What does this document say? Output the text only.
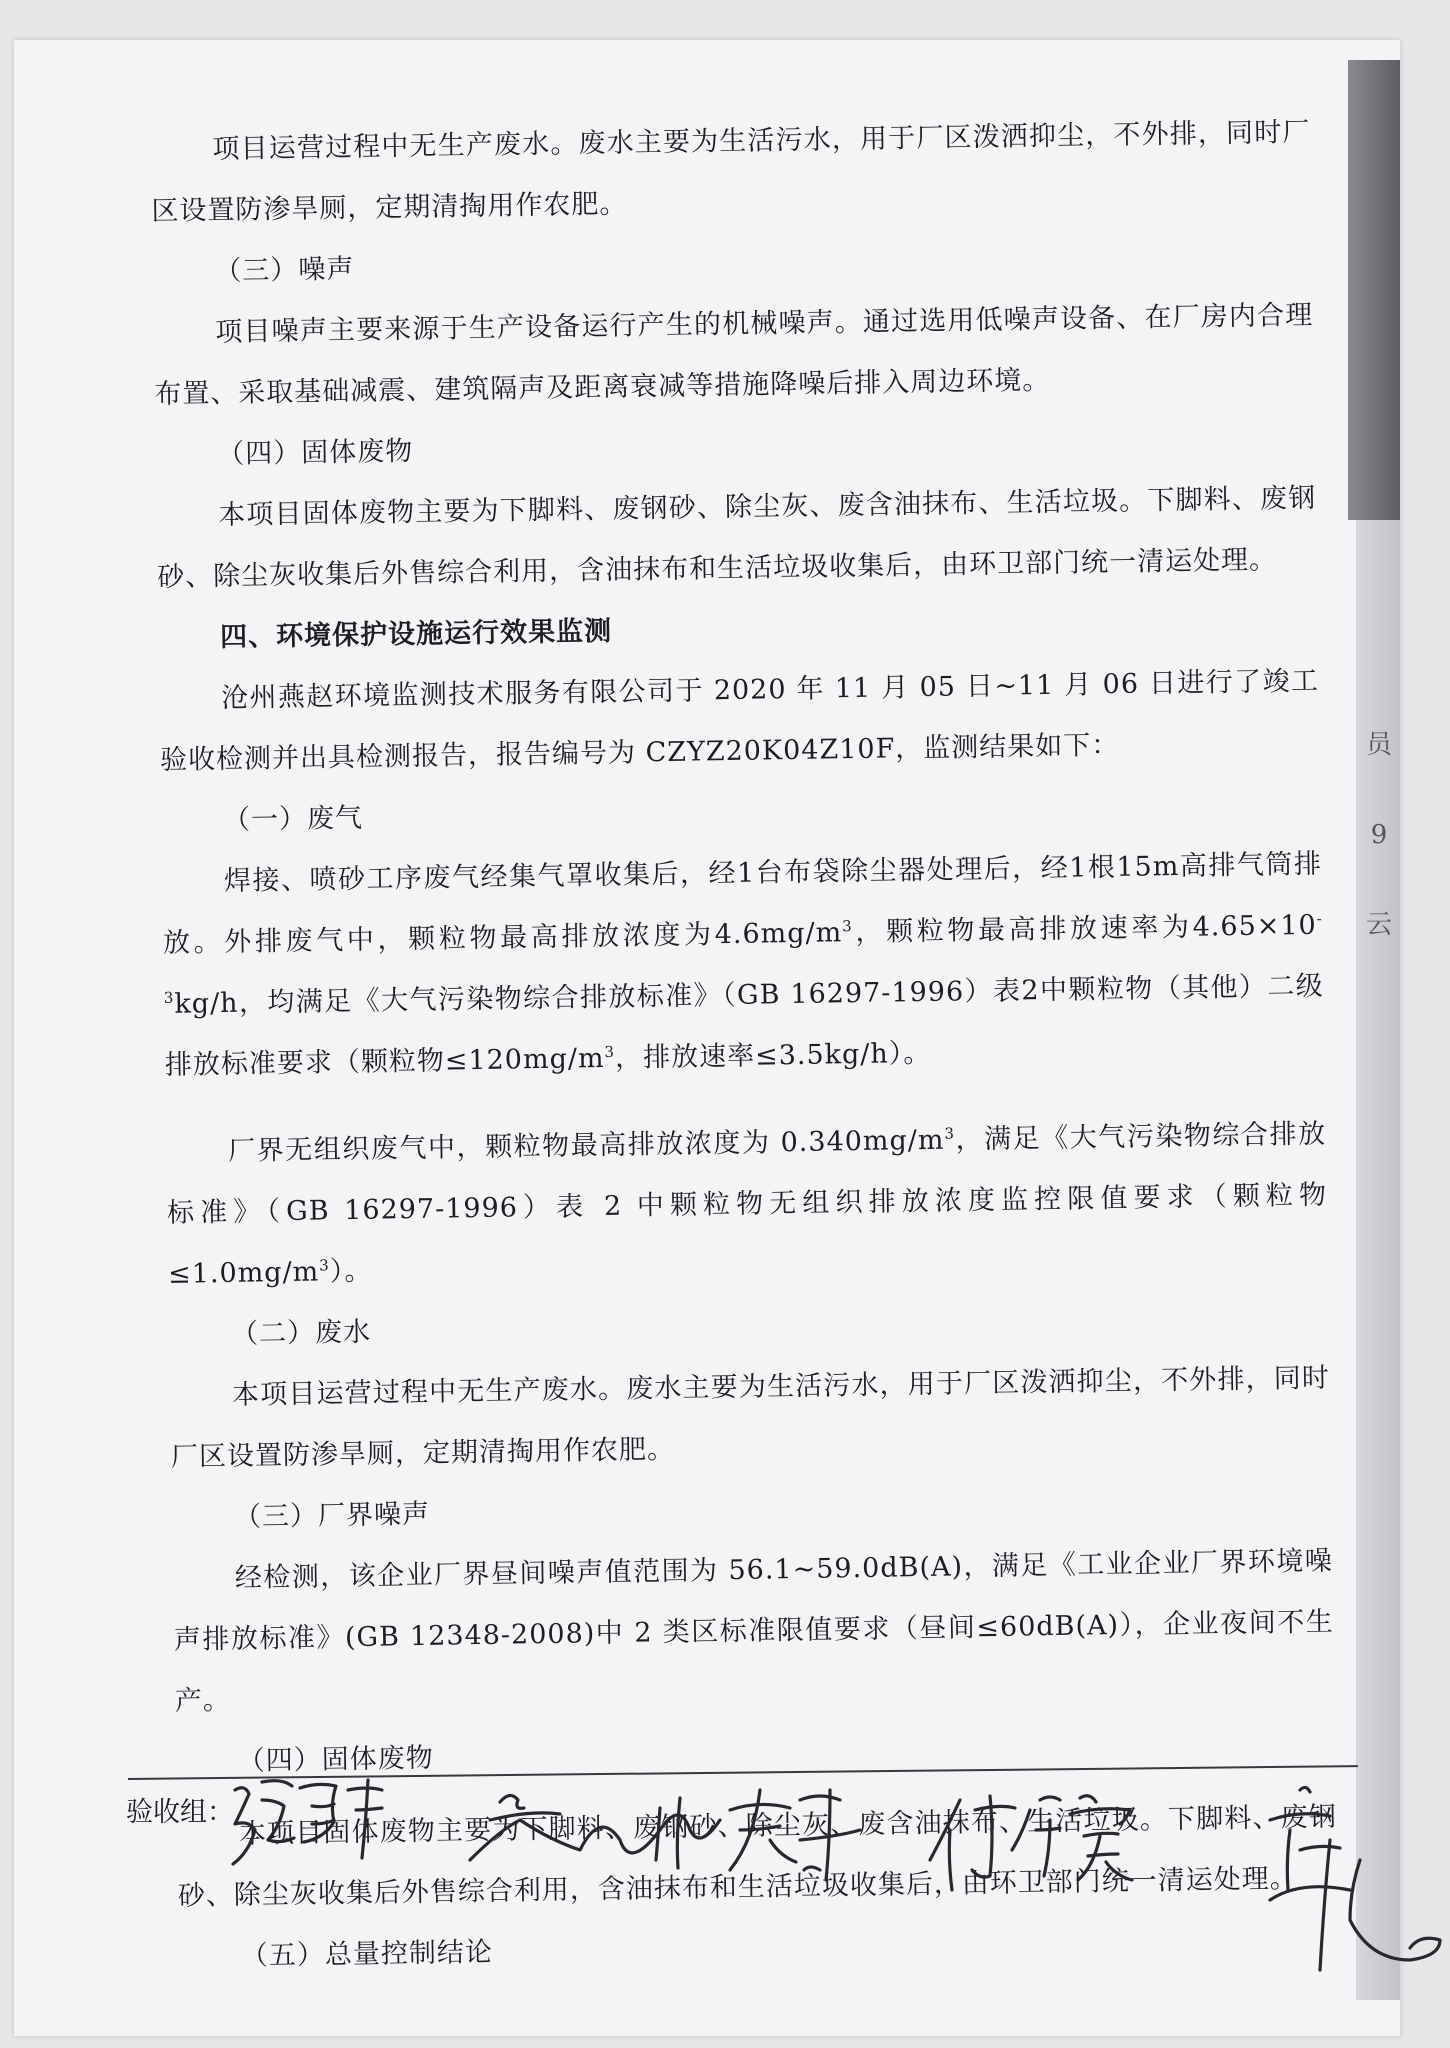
员
9
云

项目运营过程中无生产废水。废水主要为生活污水，用于厂区泼洒抑尘，不外排，同时厂区设置防渗旱厕，定期清掏用作农肥。

（三）噪声

项目噪声主要来源于生产设备运行产生的机械噪声。通过选用低噪声设备、在厂房内合理布置、采取基础减震、建筑隔声及距离衰减等措施降噪后排入周边环境。

（四）固体废物

本项目固体废物主要为下脚料、废钢砂、除尘灰、废含油抹布、生活垃圾。下脚料、废钢砂、除尘灰收集后外售综合利用，含油抹布和生活垃圾收集后，由环卫部门统一清运处理。

四、环境保护设施运行效果监测

沧州燕赵环境监测技术服务有限公司于 2020 年 11 月 05 日~11 月 06 日进行了竣工验收检测并出具检测报告，报告编号为 CZYZ20K04Z10F，监测结果如下：

（一）废气

焊接、喷砂工序废气经集气罩收集后，经1台布袋除尘器处理后，经1根15m高排气筒排放。外排废气中，颗粒物最高排放浓度为$4.6mg/m^3$，颗粒物最高排放速率为$4.65\times 10^{-3}kg/h$，均满足《大气污染物综合排放标准》（GB 16297-1996）表2中颗粒物（其他）二级排放标准要求（颗粒物$\le 120mg/m^3$，排放速率≤3.5kg/h）。

厂界无组织废气中，颗粒物最高排放浓度为 $0.340mg/m^3$，满足《大气污染物综合排放标准》（GB 16297-1996）表 2 中颗粒物无组织排放浓度监控限值要求（颗粒物$\le 1.0mg/m^3$）。

（二）废水

本项目运营过程中无生产废水。废水主要为生活污水，用于厂区泼洒抑尘，不外排，同时厂区设置防渗旱厕，定期清掏用作农肥。

（三）厂界噪声

经检测，该企业厂界昼间噪声值范围为 56.1~59.0dB(A)，满足《工业企业厂界环境噪声排放标准》(GB 12348-2008)中 2 类区标准限值要求（昼间≤60dB(A)），企业夜间不生产。

（四）固体废物

本项目固体废物主要为下脚料、废钢砂、除尘灰、废含油抹布、生活垃圾。下脚料、废钢砂、除尘灰收集后外售综合利用，含油抹布和生活垃圾收集后，由环卫部门统一清运处理。

（五）总量控制结论

验收组：
